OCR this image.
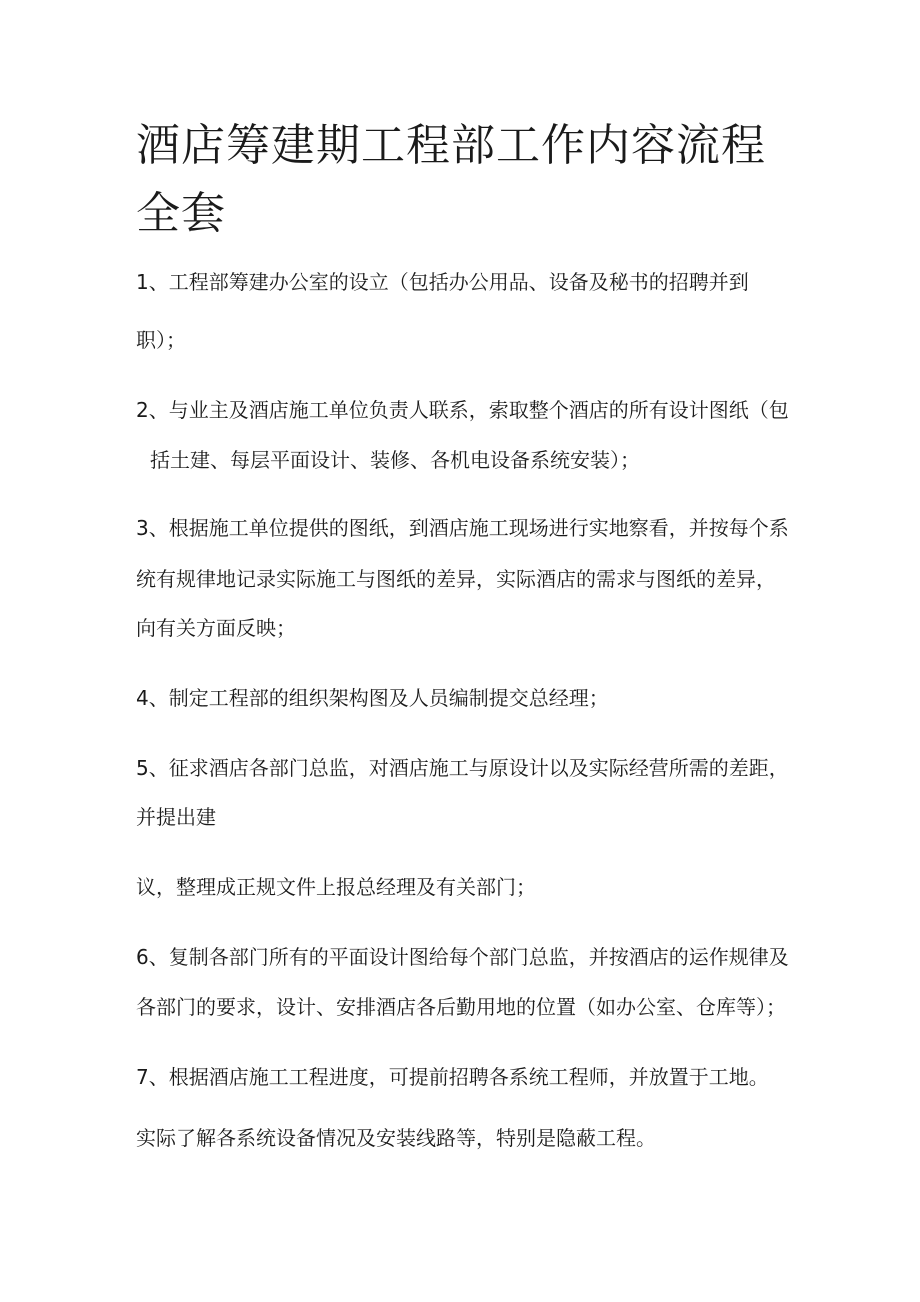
酒店筹建期工程部工作内容流程全套

1、工程部筹建办公室的设立（包括办公用品、设备及秘书的招聘并到

职）；

2、与业主及酒店施工单位负责人联系，索取整个酒店的所有设计图纸（包

括土建、每层平面设计、装修、各机电设备系统安装）；

3、根据施工单位提供的图纸，到酒店施工现场进行实地察看，并按每个系

统有规律地记录实际施工与图纸的差异，实际酒店的需求与图纸的差异，

向有关方面反映；

4、制定工程部的组织架构图及人员编制提交总经理；

5、征求酒店各部门总监，对酒店施工与原设计以及实际经营所需的差距，

并提出建

议，整理成正规文件上报总经理及有关部门；

6、复制各部门所有的平面设计图给每个部门总监，并按酒店的运作规律及

各部门的要求，设计、安排酒店各后勤用地的位置（如办公室、仓库等）；

7、根据酒店施工工程进度，可提前招聘各系统工程师，并放置于工地。

实际了解各系统设备情况及安装线路等，特别是隐蔽工程。
